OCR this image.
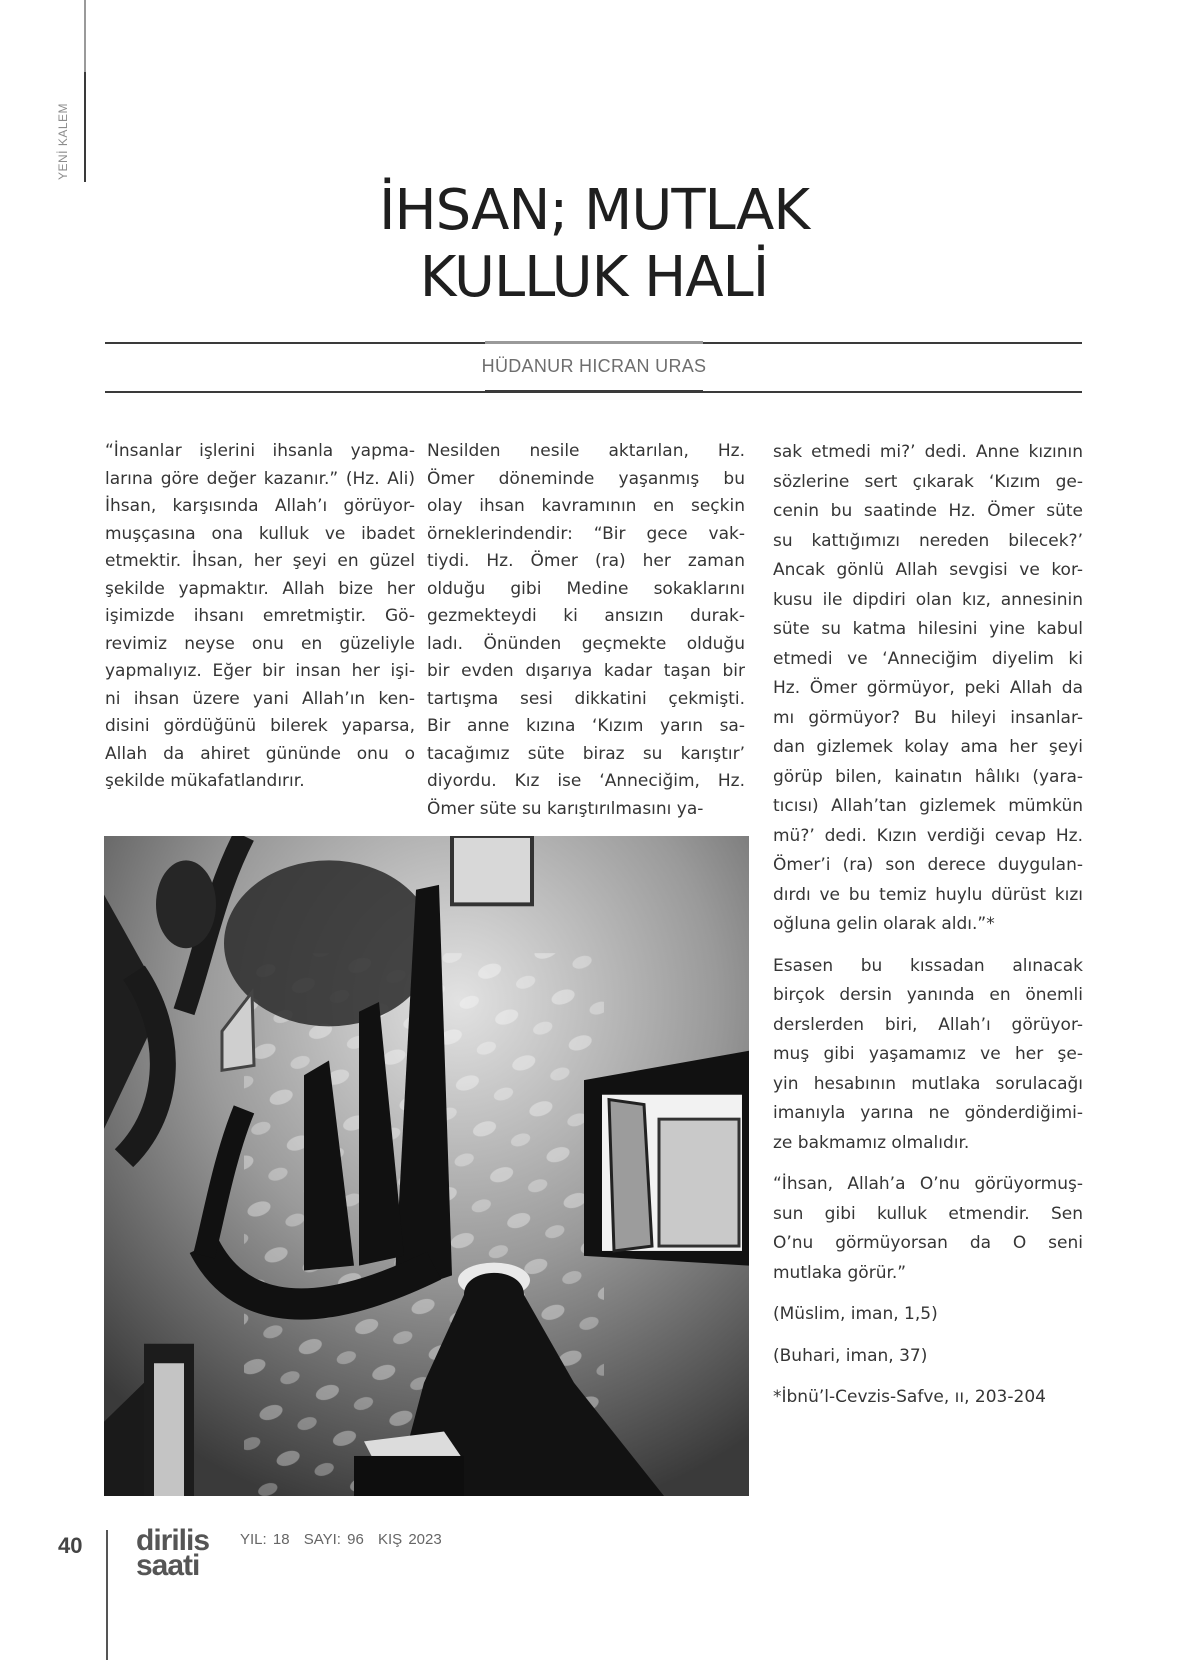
YENİ KALEM
İHSAN; MUTLAK
KULLUK HALİ
HÜDANUR HICRAN URAS

“İnsanlar işlerini ihsanla yapma-
larına göre değer kazanır.” (Hz. Ali)
İhsan, karşısında Allah’ı görüyor-
muşçasına ona kulluk ve ibadet
etmektir. İhsan, her şeyi en güzel
şekilde yapmaktır. Allah bize her
işimizde ihsanı emretmiştir. Gö-
revimiz neyse onu en güzeliyle
yapmalıyız. Eğer bir insan her işi-
ni ihsan üzere yani Allah’ın ken-
disini gördüğünü bilerek yaparsa,
Allah da ahiret gününde onu o
şekilde mükafatlandırır.

Nesilden nesile aktarılan, Hz.
Ömer döneminde yaşanmış bu
olay ihsan kavramının en seçkin
örneklerindendir: “Bir gece vak-
tiydi. Hz. Ömer (ra) her zaman
olduğu gibi Medine sokaklarını
gezmekteydi ki ansızın durak-
ladı. Önünden geçmekte olduğu
bir evden dışarıya kadar taşan bir
tartışma sesi dikkatini çekmişti.
Bir anne kızına ‘Kızım yarın sa-
tacağımız süte biraz su karıştır’
diyordu. Kız ise ‘Anneciğim, Hz.
Ömer süte su karıştırılmasını ya-

sak etmedi mi?’ dedi. Anne kızının
sözlerine sert çıkarak ‘Kızım ge-
cenin bu saatinde Hz. Ömer süte
su kattığımızı nereden bilecek?’
Ancak gönlü Allah sevgisi ve kor-
kusu ile dipdiri olan kız, annesinin
süte su katma hilesini yine kabul
etmedi ve ‘Anneciğim diyelim ki
Hz. Ömer görmüyor, peki Allah da
mı görmüyor? Bu hileyi insanlar-
dan gizlemek kolay ama her şeyi
görüp bilen, kainatın hâlıkı (yara-
tıcısı) Allah’tan gizlemek mümkün
mü?’ dedi. Kızın verdiği cevap Hz.
Ömer’i (ra) son derece duygulan-
dırdı ve bu temiz huylu dürüst kızı
oğluna gelin olarak aldı.”*

Esasen bu kıssadan alınacak
birçok dersin yanında en önemli
derslerden biri, Allah’ı görüyor-
muş gibi yaşamamız ve her şe-
yin hesabının mutlaka sorulacağı
imanıyla yarına ne gönderdiğimi-
ze bakmamız olmalıdır.

“İhsan, Allah’a O’nu görüyormuş-
sun gibi kulluk etmendir. Sen
O’nu görmüyorsan da O seni
mutlaka görür.”

(Müslim, iman, 1,5)

(Buhari, iman, 37)

*İbnü’l-Cevzis-Safve, ıı, 203-204

40 dirilis
saati
YIL: 18 SAYI: 96 KIŞ 2023
